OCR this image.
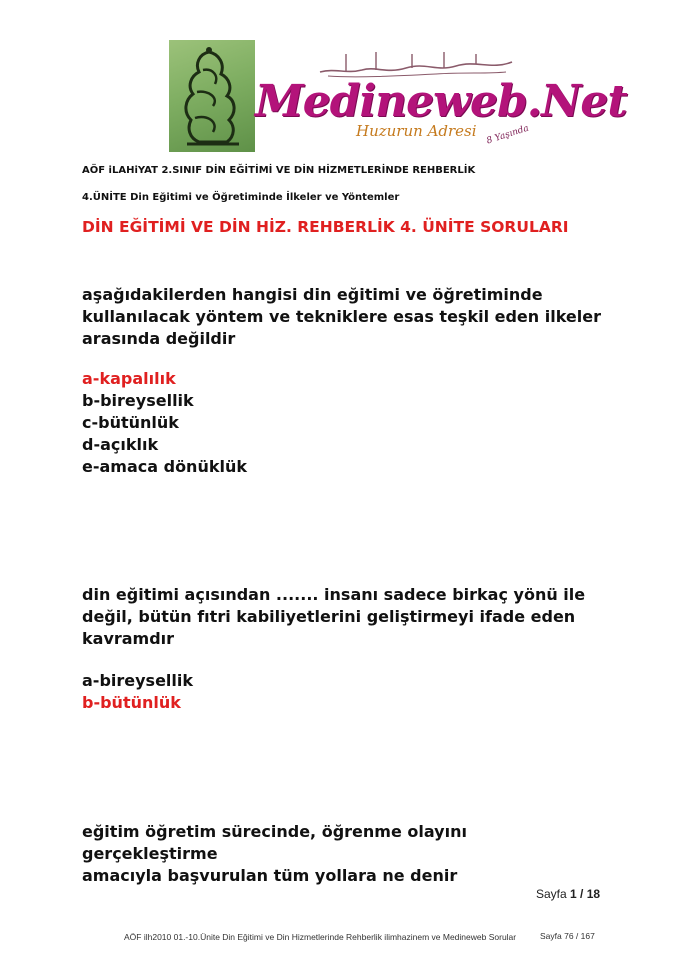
Medineweb.Net
Huzurun Adresi 8 Yaşında
AÖF iLAHiYAT 2.SINIF DİN EĞİTİMİ VE DİN HİZMETLERİNDE REHBERLİK
4.ÜNİTE Din Eğitimi ve Öğretiminde İlkeler ve Yöntemler
DİN EĞİTİMİ VE DİN HİZ. REHBERLİK 4. ÜNİTE SORULARI
aşağıdakilerden hangisi din eğitimi ve öğretiminde
kullanılacak yöntem ve tekniklere esas teşkil eden ilkeler
arasında değildir
a-kapalılık
b-bireysellik
c-bütünlük
d-açıklık
e-amaca dönüklük
din eğitimi açısından ....... insanı sadece birkaç yönü ile
değil, bütün fıtri kabiliyetlerini geliştirmeyi ifade eden
kavramdır
a-bireysellik
b-bütünlük
eğitim öğretim sürecinde, öğrenme olayını gerçekleştirme
amacıyla başvurulan tüm yollara ne denir
Sayfa 1 / 18
AÖF ilh2010 01.-10.Ünite Din Eğitimi ve Din Hizmetlerinde Rehberlik ilimhazinem ve Medineweb Sorular	Sayfa 76 / 167
